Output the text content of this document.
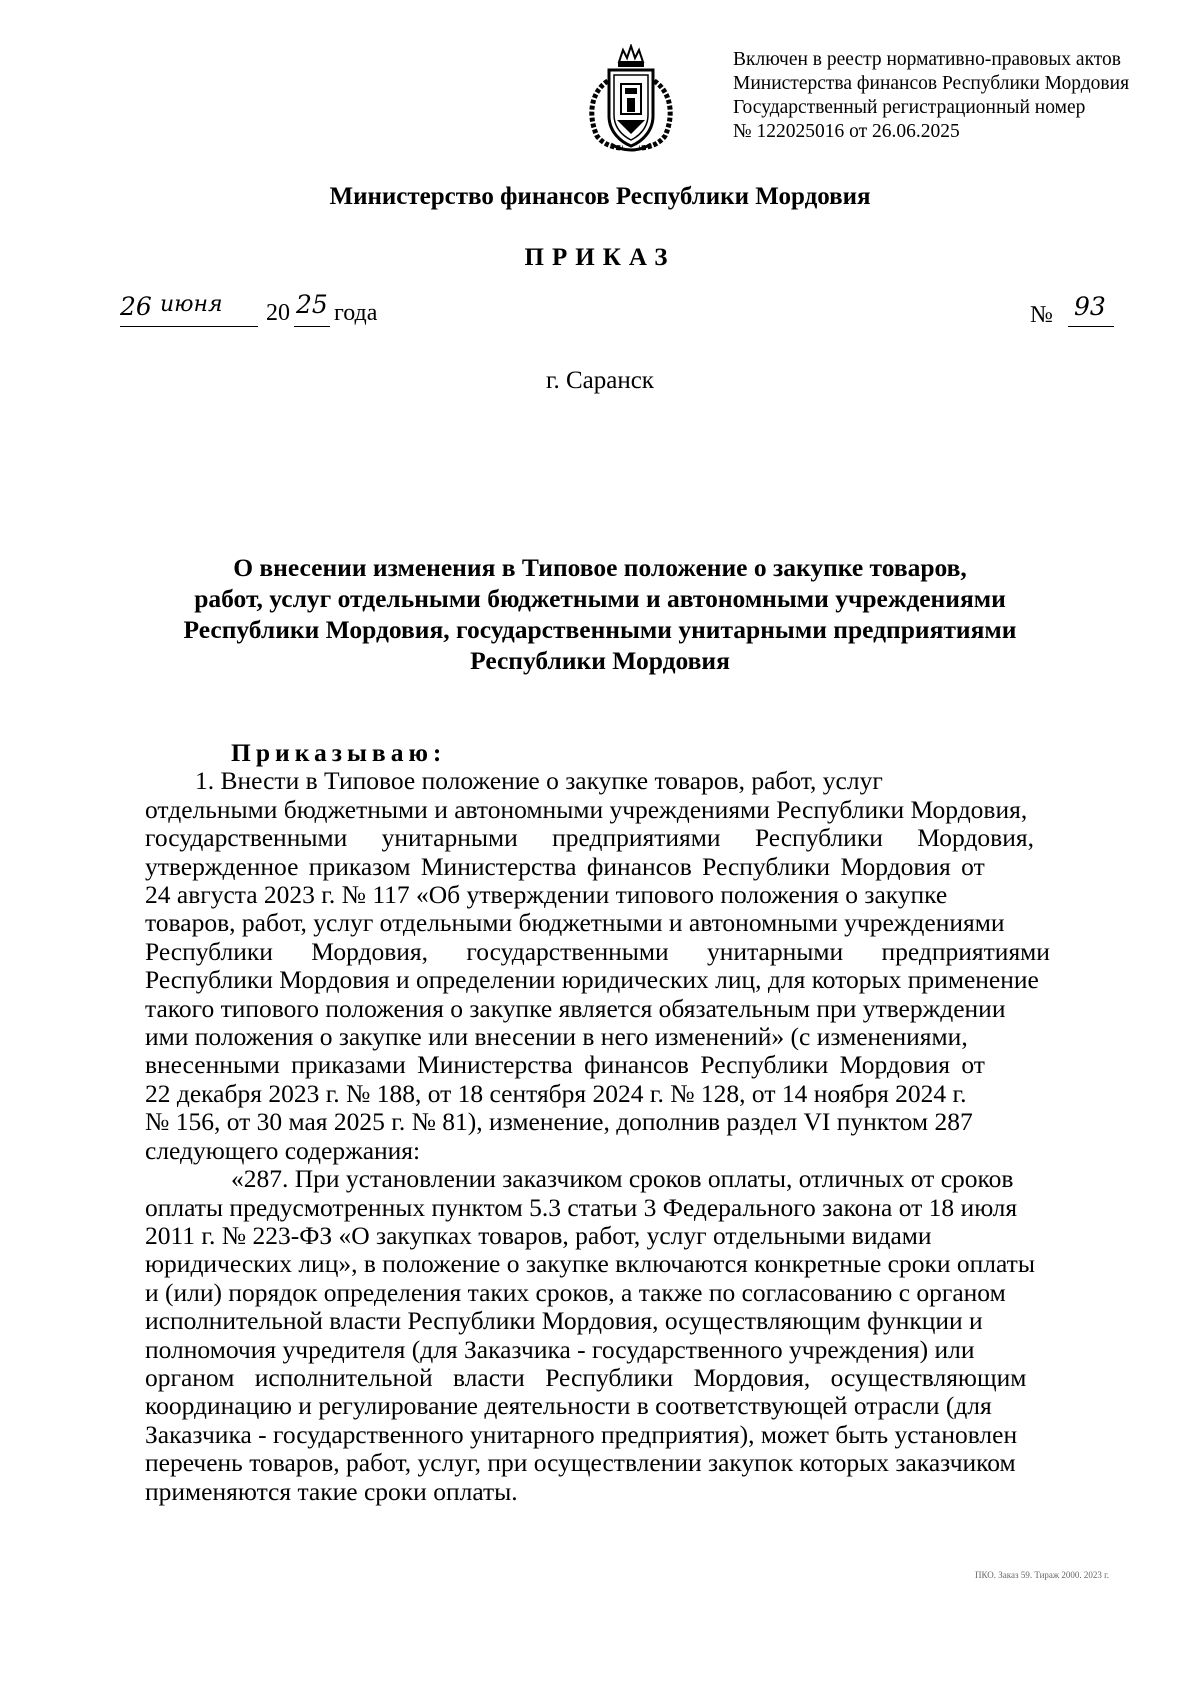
Включен в реестр нормативно-правовых актов
Министерства финансов Республики Мордовия
Государственный регистрационный номер
№ 122025016 от 26.06.2025
Министерство финансов Республики Мордовия
ПРИКАЗ
26 июня 20 25 года	№ 93
г. Саранск
О внесении изменения в Типовое положение о закупке товаров,
работ, услуг отдельными бюджетными и автономными учреждениями
Республики Мордовия, государственными унитарными предприятиями
Республики Мордовия
Приказываю:
1. Внести в Типовое положение о закупке товаров, работ, услуг
отдельными бюджетными и автономными учреждениями Республики Мордовия,
государственными унитарными предприятиями Республики Мордовия,
утвержденное приказом Министерства финансов Республики Мордовия от
24 августа 2023 г. № 117 «Об утверждении типового положения о закупке
товаров, работ, услуг отдельными бюджетными и автономными учреждениями
Республики Мордовия, государственными унитарными предприятиями
Республики Мордовия и определении юридических лиц, для которых применение
такого типового положения о закупке является обязательным при утверждении
ими положения о закупке или внесении в него изменений» (с изменениями,
внесенными приказами Министерства финансов Республики Мордовия от
22 декабря 2023 г. № 188, от 18 сентября 2024 г. № 128, от 14 ноября 2024 г.
№ 156, от 30 мая 2025 г. № 81), изменение, дополнив раздел VI пунктом 287
следующего содержания:
«287. При установлении заказчиком сроков оплаты, отличных от сроков
оплаты предусмотренных пунктом 5.3 статьи 3 Федерального закона от 18 июля
2011 г. № 223-ФЗ «О закупках товаров, работ, услуг отдельными видами
юридических лиц», в положение о закупке включаются конкретные сроки оплаты
и (или) порядок определения таких сроков, а также по согласованию с органом
исполнительной власти Республики Мордовия, осуществляющим функции и
полномочия учредителя (для Заказчика - государственного учреждения) или
органом исполнительной власти Республики Мордовия, осуществляющим
координацию и регулирование деятельности в соответствующей отрасли (для
Заказчика - государственного унитарного предприятия), может быть установлен
перечень товаров, работ, услуг, при осуществлении закупок которых заказчиком
применяются такие сроки оплаты.
ПКО. Заказ 59. Тираж 2000. 2023 г.
